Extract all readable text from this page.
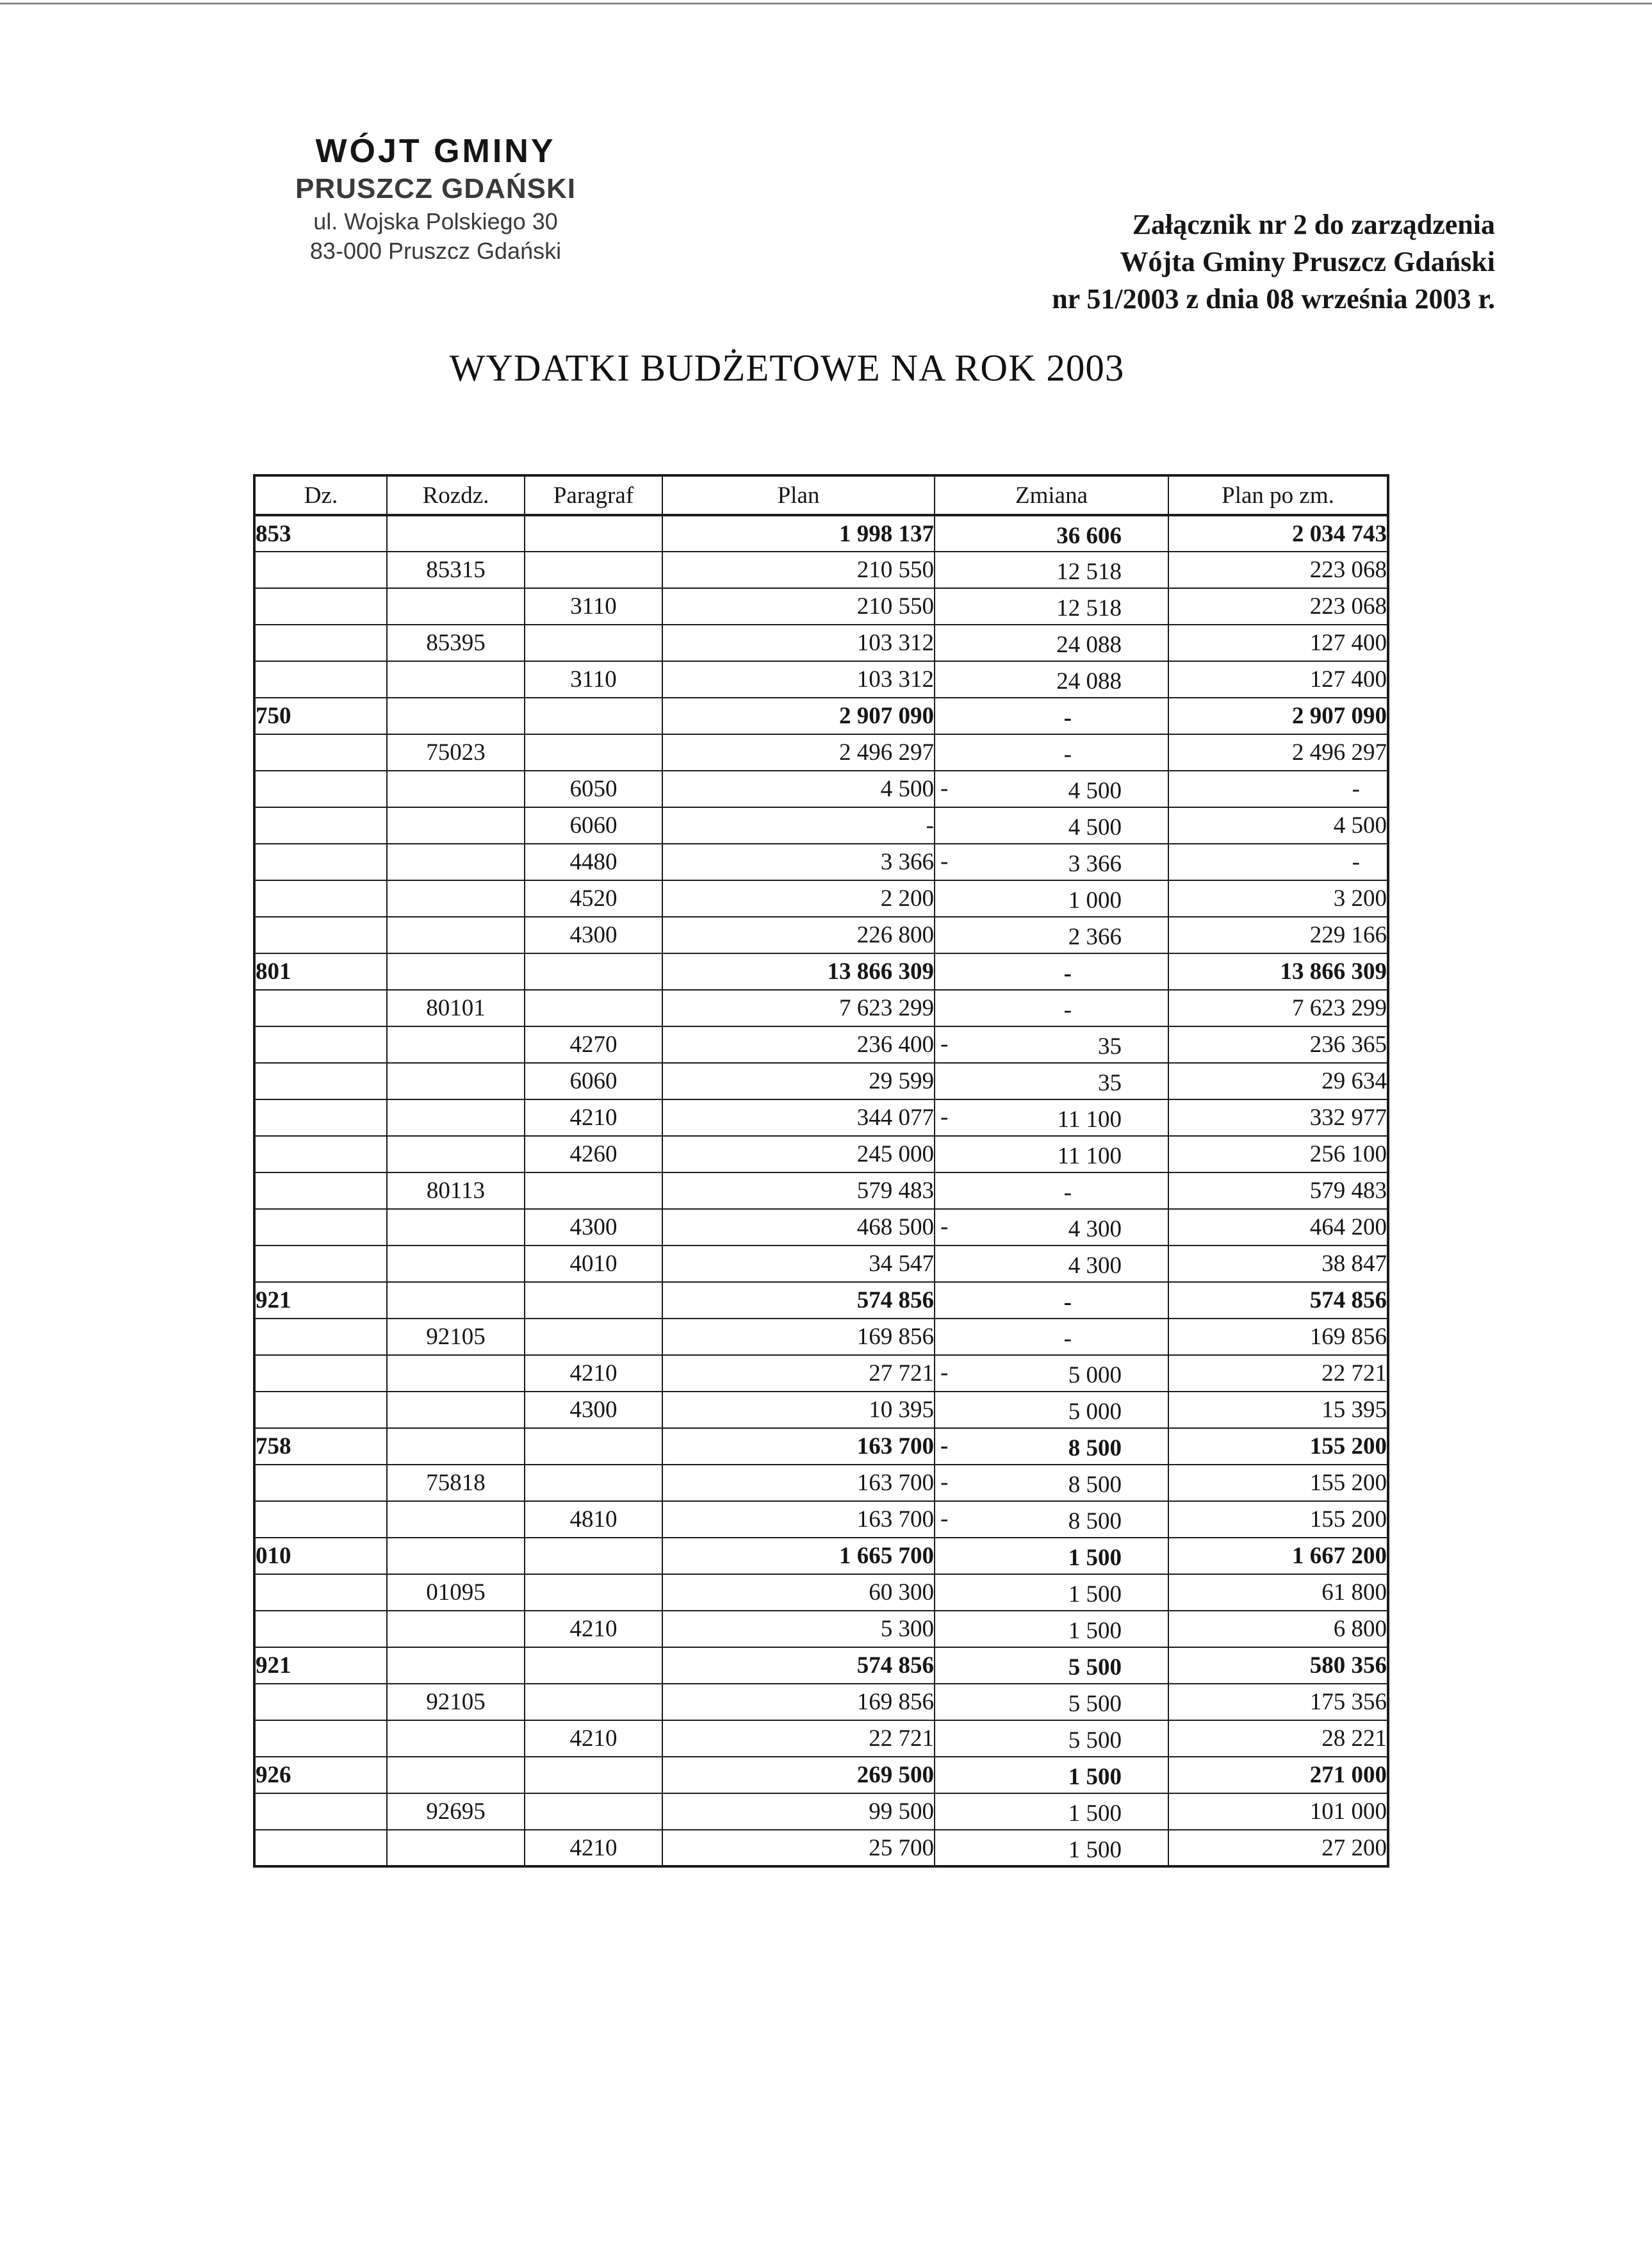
WÓJT GMINY
PRUSZCZ GDAŃSKI
ul. Wojska Polskiego 30
83-000 Pruszcz Gdański
Załącznik nr 2 do zarządzenia
Wójta Gminy Pruszcz Gdański
nr 51/2003 z dnia 08 września 2003 r.
WYDATKI BUDŻETOWE NA ROK 2003
Dz.	Rozdz.	Paragraf	Plan	Zmiana	Plan po zm.
853			1 998 137	36 606	2 034 743
	85315		210 550	12 518	223 068
		3110	210 550	12 518	223 068
	85395		103 312	24 088	127 400
		3110	103 312	24 088	127 400
750			2 907 090	-	2 907 090
	75023		2 496 297	-	2 496 297
		6050	4 500	- 4 500	-
		6060	-	4 500	4 500
		4480	3 366	- 3 366	-
		4520	2 200	1 000	3 200
		4300	226 800	2 366	229 166
801			13 866 309	-	13 866 309
	80101		7 623 299	-	7 623 299
		4270	236 400	- 35	236 365
		6060	29 599	35	29 634
		4210	344 077	- 11 100	332 977
		4260	245 000	11 100	256 100
	80113		579 483	-	579 483
		4300	468 500	- 4 300	464 200
		4010	34 547	4 300	38 847
921			574 856	-	574 856
	92105		169 856	-	169 856
		4210	27 721	- 5 000	22 721
		4300	10 395	5 000	15 395
758			163 700	- 8 500	155 200
	75818		163 700	- 8 500	155 200
		4810	163 700	- 8 500	155 200
010			1 665 700	1 500	1 667 200
	01095		60 300	1 500	61 800
		4210	5 300	1 500	6 800
921			574 856	5 500	580 356
	92105		169 856	5 500	175 356
		4210	22 721	5 500	28 221
926			269 500	1 500	271 000
	92695		99 500	1 500	101 000
		4210	25 700	1 500	27 200
